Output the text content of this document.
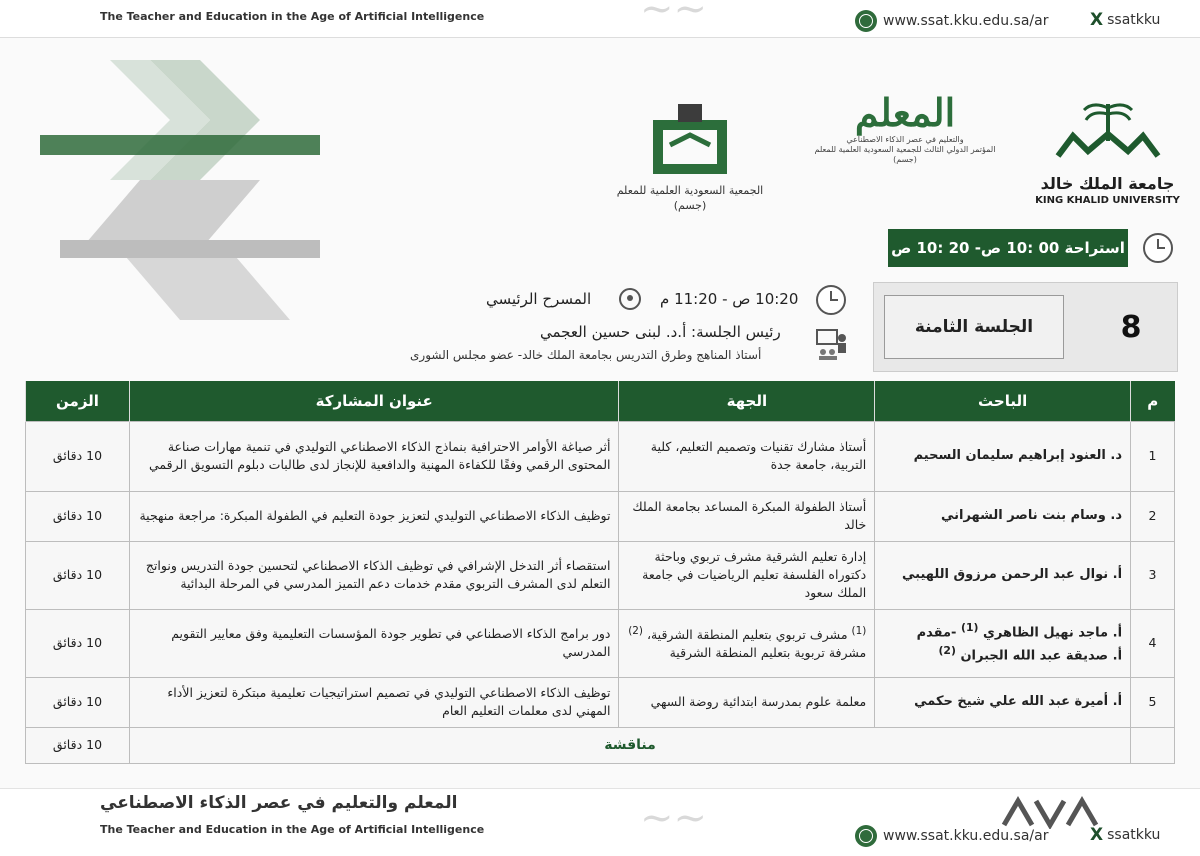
The Teacher and Education in the Age of Artificial Intelligence	~~	www.ssat.kku.edu.sa/ar X ssatkku
جامعة الملك خالد
KING KHALID UNIVERSITY
المعلم
والتعليم في عصر الذكاء الاصطناعي
المؤتمر الدولي الثالث للجمعية السعودية العلمية للمعلم (جسم)
الجمعية السعودية العلمية للمعلم
(جسم)
استراحة 00 :10 ص- 20 :10 ص
8
الجلسة الثامنة
10:20 ص - 11:20 م
المسرح الرئيسي
رئيس الجلسة: أ.د. لبنى حسين العجمي
أستاذ المناهج وطرق التدريس بجامعة الملك خالد- عضو مجلس الشورى
م	الباحث	الجهة	عنوان المشاركة	الزمن
1	د. العنود إبراهيم سليمان السحيم	أستاذ مشارك تقنيات وتصميم التعليم، كلية التربية، جامعة جدة	أثر صياغة الأوامر الاحترافية بنماذج الذكاء الاصطناعي التوليدي في تنمية مهارات صناعة المحتوى الرقمي وفقًا للكفاءة المهنية والدافعية للإنجاز لدى طالبات دبلوم التسويق الرقمي	10 دقائق
2	د. وسام بنت ناصر الشهراني	أستاذ الطفولة المبكرة المساعد بجامعة الملك خالد	توظيف الذكاء الاصطناعي التوليدي لتعزيز جودة التعليم في الطفولة المبكرة: مراجعة منهجية	10 دقائق
3	أ. نوال عبد الرحمن مرزوق اللهيبي	إدارة تعليم الشرقية مشرف تربوي وباحثة دكتوراه الفلسفة تعليم الرياضيات في جامعة الملك سعود	استقصاء أثر التدخل الإشرافي في توظيف الذكاء الاصطناعي لتحسين جودة التدريس ونواتج التعلم لدى المشرف التربوي مقدم خدمات دعم التميز المدرسي في المرحلة البدائية	10 دقائق
4	أ. ماجد نهيل الظاهري $^{(1)}$ -مقدم
أ. صديقة عبد الله الجبران $^{(2)}$	$^{(1)}$ مشرف تربوي بتعليم المنطقة الشرقية، $^{(2)}$ مشرفة تربوية بتعليم المنطقة الشرقية	دور برامج الذكاء الاصطناعي في تطوير جودة المؤسسات التعليمية وفق معايير التقويم المدرسي	10 دقائق
5	أ. أميرة عبد الله علي شيخ حكمي	معلمة علوم بمدرسة ابتدائية روضة السهي	توظيف الذكاء الاصطناعي التوليدي في تصميم استراتيجيات تعليمية مبتكرة لتعزيز الأداء المهني لدى معلمات التعليم العام	10 دقائق
	مناقشة			10 دقائق
المعلم والتعليم في عصر الذكاء الاصطناعي
The Teacher and Education in the Age of Artificial Intelligence	~~	www.ssat.kku.edu.sa/ar X ssatkku
